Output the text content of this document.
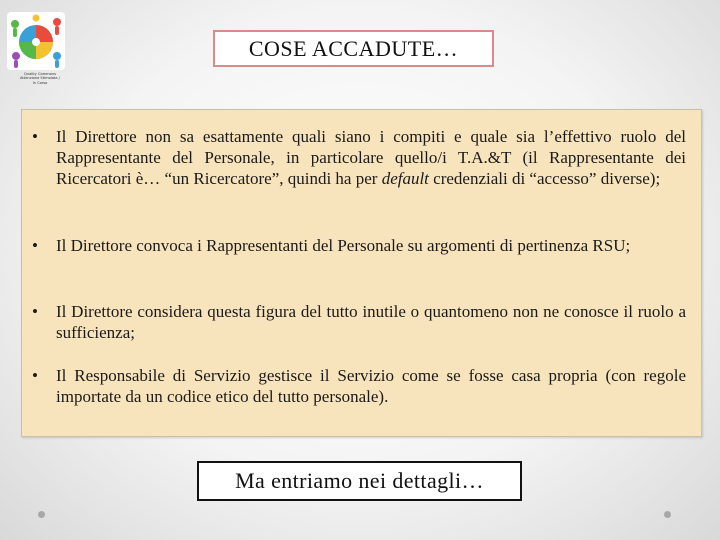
Quality Commons
Attenzione Stimolata /
In Corso
COSE ACCADUTE…
• Il Direttore non sa esattamente quali siano i compiti e quale sia l’effettivo ruolo del Rappresentante del Personale, in particolare quello/i T.A.&T (il Rappresentante dei Ricercatori è… “un Ricercatore”, quindi ha per default credenziali di “accesso” diverse);
• Il Direttore convoca i Rappresentanti del Personale su argomenti di pertinenza RSU;
• Il Direttore considera questa figura del tutto inutile o quantomeno non ne conosce il ruolo a sufficienza;
• Il Responsabile di Servizio gestisce il Servizio come se fosse casa propria (con regole importate da un codice etico del tutto personale).
Ma entriamo nei dettagli…
